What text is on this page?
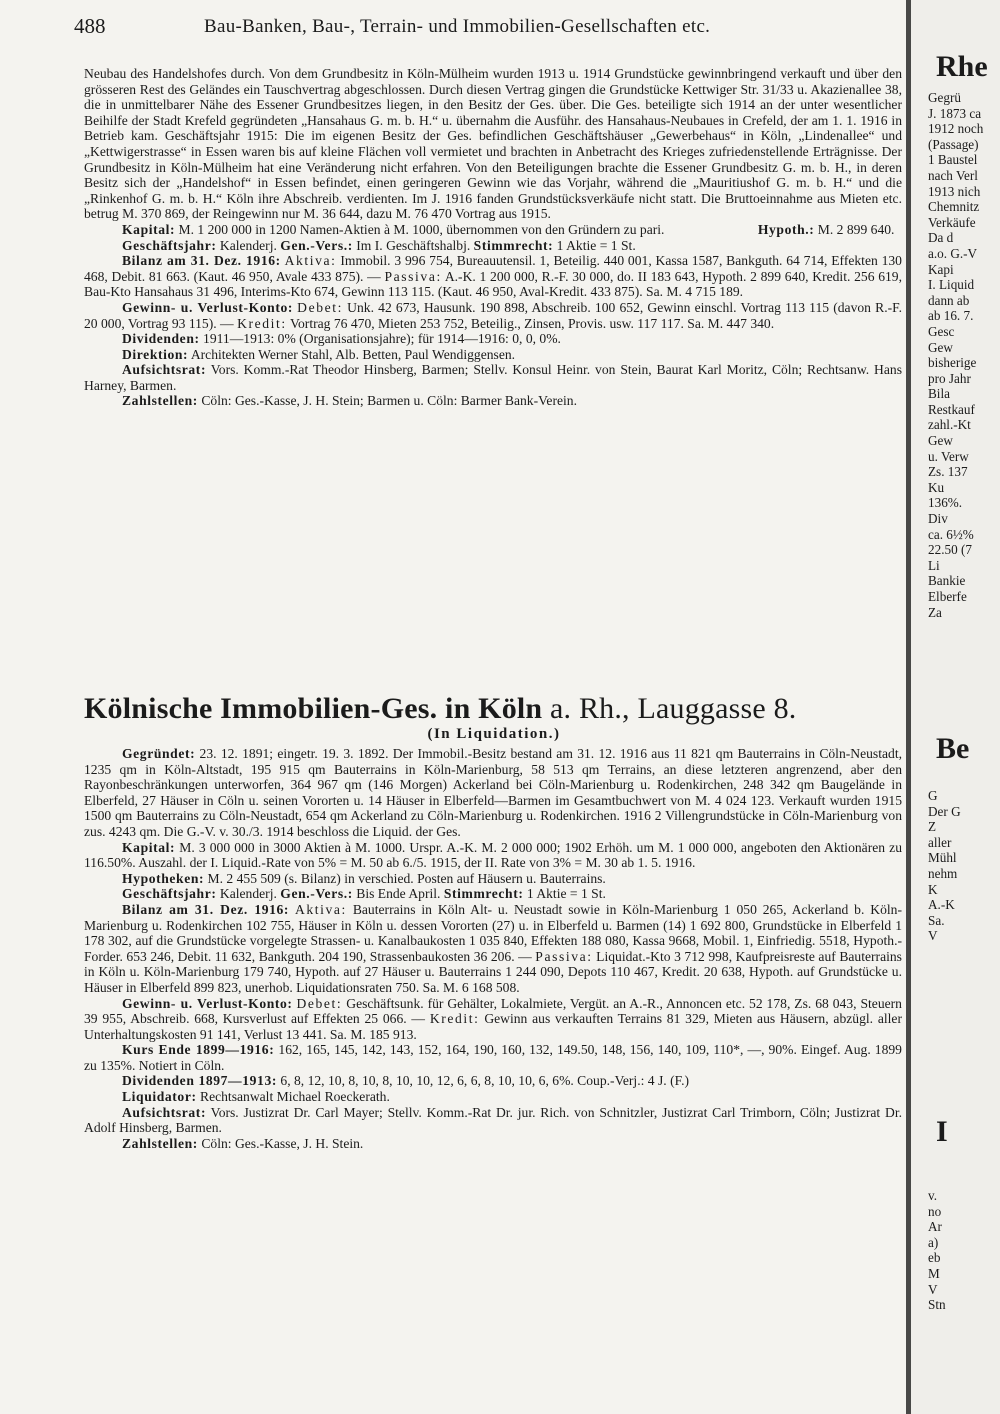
488	Bau-Banken, Bau-, Terrain- und Immobilien-Gesellschaften etc.

Neubau des Handelshofes durch. Von dem Grundbesitz in Köln-Mülheim wurden 1913 u. 1914 Grundstücke gewinnbringend verkauft und über den grösseren Rest des Geländes ein Tauschvertrag abgeschlossen. Durch diesen Vertrag gingen die Grundstücke Kettwiger Str. 31/33 u. Akazienallee 38, die in unmittelbarer Nähe des Essener Grundbesitzes liegen, in den Besitz der Ges. über. Die Ges. beteiligte sich 1914 an der unter wesentlicher Beihilfe der Stadt Krefeld gegründeten „Hansahaus G. m. b. H.“ u. übernahm die Ausführ. des Hansahaus-Neubaues in Crefeld, der am 1. 1. 1916 in Betrieb kam. Geschäftsjahr 1915: Die im eigenen Besitz der Ges. befindlichen Geschäftshäuser „Gewerbehaus“ in Köln, „Lindenallee“ und „Kettwigerstrasse“ in Essen waren bis auf kleine Flächen voll vermietet und brachten in Anbetracht des Krieges zufriedenstellende Erträgnisse. Der Grundbesitz in Köln-Mülheim hat eine Veränderung nicht erfahren. Von den Beteiligungen brachte die Essener Grundbesitz G. m. b. H., in deren Besitz sich der „Handelshof“ in Essen befindet, einen geringeren Gewinn wie das Vorjahr, während die „Mauritiushof G. m. b. H.“ und die „Rinkenhof G. m. b. H.“ Köln ihre Abschreib. verdienten. Im J. 1916 fanden Grundstücksverkäufe nicht statt. Die Bruttoeinnahme aus Mieten etc. betrug M. 370 869, der Reingewinn nur M. 36 644, dazu M. 76 470 Vortrag aus 1915.

Kapital: M. 1 200 000 in 1200 Namen-Aktien à M. 1000, übernommen von den Gründern zu pari.	Hypoth.: M. 2 899 640.

Geschäftsjahr: Kalenderj. Gen.-Vers.: Im I. Geschäftshalbj. Stimmrecht: 1 Aktie = 1 St.

Bilanz am 31. Dez. 1916: Aktiva: Immobil. 3 996 754, Bureauutensil. 1, Beteilig. 440 001, Kassa 1587, Bankguth. 64 714, Effekten 130 468, Debit. 81 663. (Kaut. 46 950, Avale 433 875). — Passiva: A.-K. 1 200 000, R.-F. 30 000, do. II 183 643, Hypoth. 2 899 640, Kredit. 256 619, Bau-Kto Hansahaus 31 496, Interims-Kto 674, Gewinn 113 115. (Kaut. 46 950, Aval-Kredit. 433 875). Sa. M. 4 715 189.

Gewinn- u. Verlust-Konto: Debet: Unk. 42 673, Hausunk. 190 898, Abschreib. 100 652, Gewinn einschl. Vortrag 113 115 (davon R.-F. 20 000, Vortrag 93 115). — Kredit: Vortrag 76 470, Mieten 253 752, Beteilig., Zinsen, Provis. usw. 117 117. Sa. M. 447 340.

Dividenden: 1911—1913: 0% (Organisationsjahre); für 1914—1916: 0, 0, 0%.

Direktion: Architekten Werner Stahl, Alb. Betten, Paul Wendiggensen.

Aufsichtsrat: Vors. Komm.-Rat Theodor Hinsberg, Barmen; Stellv. Konsul Heinr. von Stein, Baurat Karl Moritz, Cöln; Rechtsanw. Hans Harney, Barmen.

Zahlstellen: Cöln: Ges.-Kasse, J. H. Stein; Barmen u. Cöln: Barmer Bank-Verein.

Kölnische Immobilien-Ges. in Köln a. Rh., Lauggasse 8.
(In Liquidation.)

Gegründet: 23. 12. 1891; eingetr. 19. 3. 1892. Der Immobil.-Besitz bestand am 31. 12. 1916 aus 11 821 qm Bauterrains in Cöln-Neustadt, 1235 qm in Köln-Altstadt, 195 915 qm Bauterrains in Köln-Marienburg, 58 513 qm Terrains, an diese letzteren angrenzend, aber den Rayonbeschränkungen unterworfen, 364 967 qm (146 Morgen) Ackerland bei Cöln-Marienburg u. Rodenkirchen, 248 342 qm Baugelände in Elberfeld, 27 Häuser in Cöln u. seinen Vororten u. 14 Häuser in Elberfeld—Barmen im Gesamtbuchwert von M. 4 024 123. Verkauft wurden 1915 1500 qm Bauterrains zu Cöln-Neustadt, 654 qm Ackerland zu Cöln-Marienburg u. Rodenkirchen. 1916 2 Villengrundstücke in Cöln-Marienburg von zus. 4243 qm. Die G.-V. v. 30./3. 1914 beschloss die Liquid. der Ges.

Kapital: M. 3 000 000 in 3000 Aktien à M. 1000. Urspr. A.-K. M. 2 000 000; 1902 Erhöh. um M. 1 000 000, angeboten den Aktionären zu 116.50%. Auszahl. der I. Liquid.-Rate von 5% = M. 50 ab 6./5. 1915, der II. Rate von 3% = M. 30 ab 1. 5. 1916.

Hypotheken: M. 2 455 509 (s. Bilanz) in verschied. Posten auf Häusern u. Bauterrains.

Geschäftsjahr: Kalenderj. Gen.-Vers.: Bis Ende April. Stimmrecht: 1 Aktie = 1 St.

Bilanz am 31. Dez. 1916: Aktiva: Bauterrains in Köln Alt- u. Neustadt sowie in Köln-Marienburg 1 050 265, Ackerland b. Köln-Marienburg u. Rodenkirchen 102 755, Häuser in Köln u. dessen Vororten (27) u. in Elberfeld u. Barmen (14) 1 692 800, Grundstücke in Elberfeld 1 178 302, auf die Grundstücke vorgelegte Strassen- u. Kanalbaukosten 1 035 840, Effekten 188 080, Kassa 9668, Mobil. 1, Einfriedig. 5518, Hypoth.-Forder. 653 246, Debit. 11 632, Bankguth. 204 190, Strassenbaukosten 36 206. — Passiva: Liquidat.-Kto 3 712 998, Kaufpreisreste auf Bauterrains in Köln u. Köln-Marienburg 179 740, Hypoth. auf 27 Häuser u. Bauterrains 1 244 090, Depots 110 467, Kredit. 20 638, Hypoth. auf Grundstücke u. Häuser in Elberfeld 899 823, unerhob. Liquidationsraten 750. Sa. M. 6 168 508.

Gewinn- u. Verlust-Konto: Debet: Geschäftsunk. für Gehälter, Lokalmiete, Vergüt. an A.-R., Annoncen etc. 52 178, Zs. 68 043, Steuern 39 955, Abschreib. 668, Kursverlust auf Effekten 25 066. — Kredit: Gewinn aus verkauften Terrains 81 329, Mieten aus Häusern, abzügl. aller Unterhaltungskosten 91 141, Verlust 13 441. Sa. M. 185 913.

Kurs Ende 1899—1916: 162, 165, 145, 142, 143, 152, 164, 190, 160, 132, 149.50, 148, 156, 140, 109, 110*, —, 90%. Eingef. Aug. 1899 zu 135%. Notiert in Cöln.

Dividenden 1897—1913: 6, 8, 12, 10, 8, 10, 8, 10, 10, 12, 6, 6, 8, 10, 10, 6, 6%. Coup.-Verj.: 4 J. (F.)

Liquidator: Rechtsanwalt Michael Roeckerath.

Aufsichtsrat: Vors. Justizrat Dr. Carl Mayer; Stellv. Komm.-Rat Dr. jur. Rich. von Schnitzler, Justizrat Carl Trimborn, Cöln; Justizrat Dr. Adolf Hinsberg, Barmen.

Zahlstellen: Cöln: Ges.-Kasse, J. H. Stein.

Rhe
Gegrü
J. 1873 ca
1912 noch
(Passage)
1 Baustel
nach Verl
1913 nich
Chemnitz
Verkäufe
Da d
a.o. G.-V
Kapi
I. Liquid
dann ab
ab 16. 7.
Gesc
Gew
bisherige
pro Jahr
Bila
Restkauf
zahl.-Kt
Gew
u. Verw
Zs. 137
Ku
136%.
Div
ca. 6½%
22.50 (7
Li
Bankie
Elberfe
Za
Be
G
Der G
Z
aller
Mühl
nehm
K
A.-K
Sa.
V
I
v.
no
Ar
a)
eb
M
V
Stn
